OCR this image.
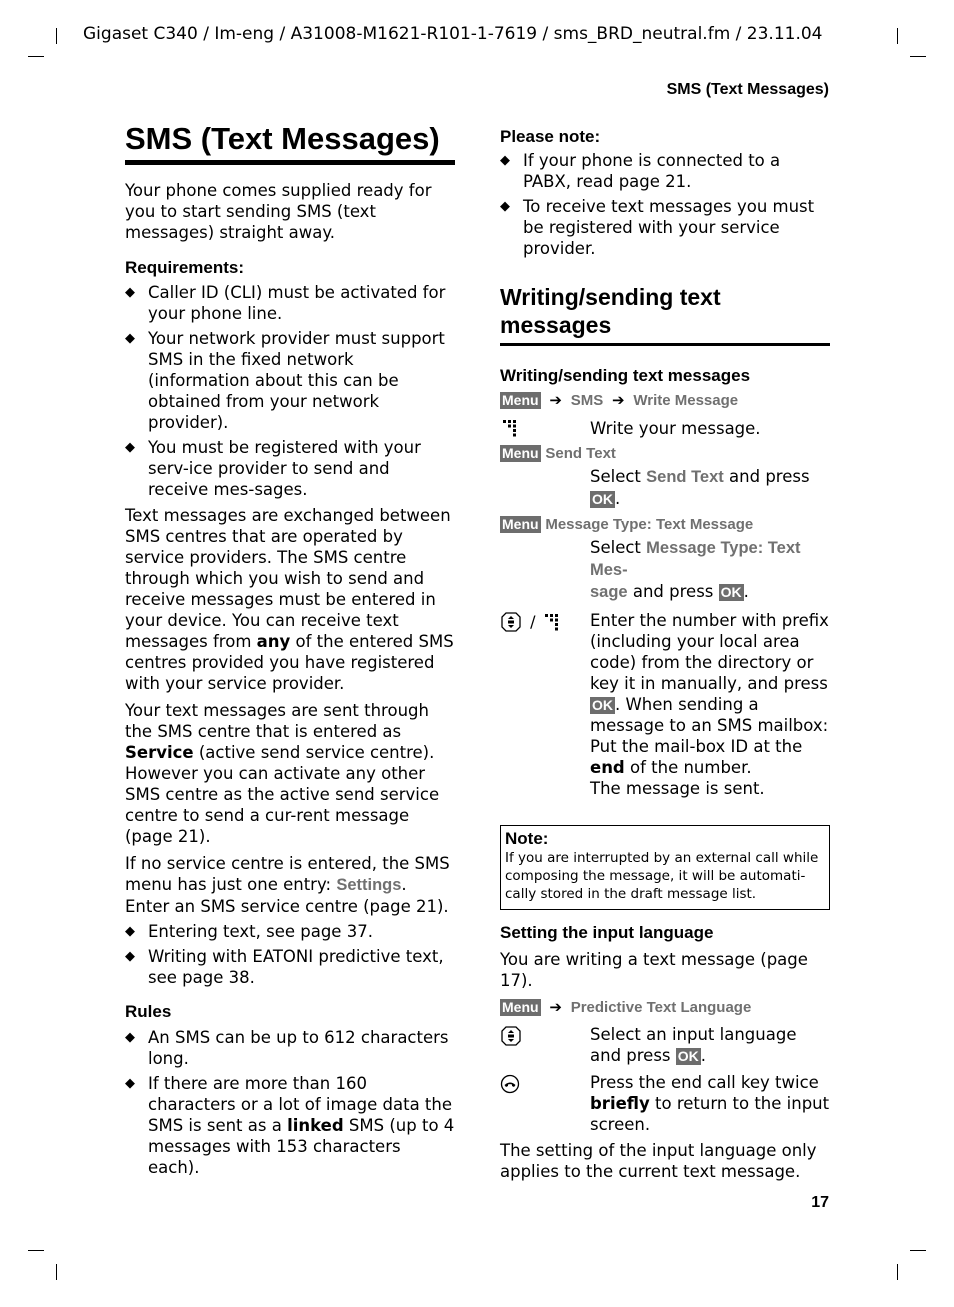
Gigaset C340 / Im-eng / A31008-M1621-R101-1-7619 / sms_BRD_neutral.fm / 23.11.04
SMS (Text Messages)
SMS (Text Messages)
Your phone comes supplied ready for you to start sending SMS (text messages) straight away.
Requirements:
◆ Caller ID (CLI) must be activated for your phone line.
◆ Your network provider must support SMS in the fixed network (information about this can be obtained from your network provider).
◆ You must be registered with your serv-ice provider to send and receive mes-sages.
Text messages are exchanged between SMS centres that are operated by service providers. The SMS centre through which you wish to send and receive messages must be entered in your device. You can receive text messages from any of the entered SMS centres provided you have registered with your service provider.
Your text messages are sent through the SMS centre that is entered as Service (active send service centre). However you can activate any other SMS centre as the active send service centre to send a cur-rent message (page 21).
If no service centre is entered, the SMS menu has just one entry: Settings. Enter an SMS service centre (page 21).
◆ Entering text, see page 37.
◆ Writing with EATONI predictive text, see page 38.
Rules
◆ An SMS can be up to 612 characters long.
◆ If there are more than 160 characters or a lot of image data the SMS is sent as a linked SMS (up to 4 messages with 153 characters each).
Please note:
◆ If your phone is connected to a PABX, read page 21.
◆ To receive text messages you must be registered with your service provider.
Writing/sending text messages
Writing/sending text messages
Menu ➔ SMS ➔ Write Message
Write your message.
Menu Send Text
Select Send Text and press OK .
Menu Message Type: Text Message
Select Message Type: Text Mes-
sage and press OK .
/	Enter the number with prefix (including your local area code) from the directory or key it in manually, and press OK . When sending a message to an SMS mailbox: Put the mail-box ID at the end of the number.
The message is sent.
Note:
If you are interrupted by an external call while composing the message, it will be automati-cally stored in the draft message list.
Setting the input language
You are writing a text message (page 17).
Menu ➔ Predictive Text Language
Select an input language and press OK .
Press the end call key twice briefly to return to the input screen.
The setting of the input language only applies to the current text message.
17
